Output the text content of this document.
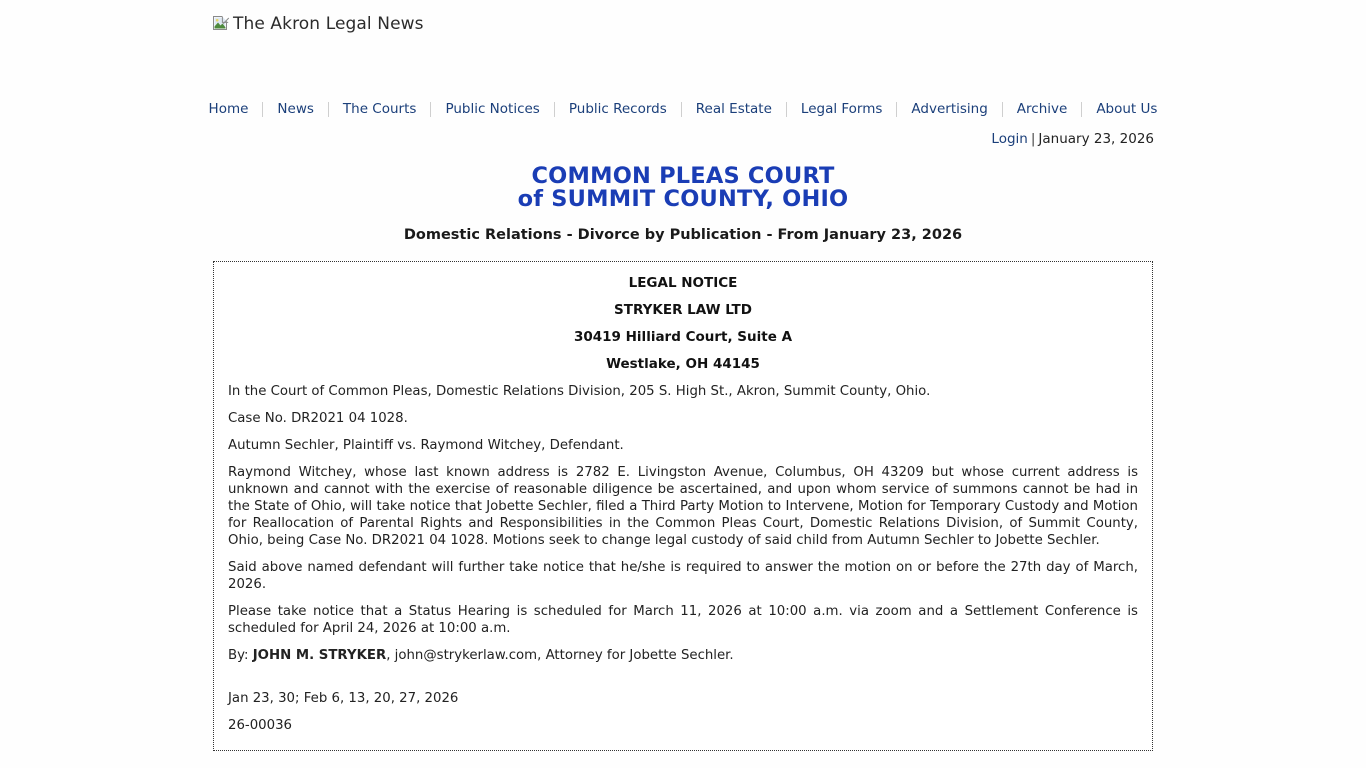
The Akron Legal News
Home News The Courts Public Notices Public Records Real Estate Legal Forms Advertising Archive About Us
Login | January 23, 2026
COMMON PLEAS COURT
of SUMMIT COUNTY, OHIO
Domestic Relations - Divorce by Publication - From January 23, 2026
LEGAL NOTICE
STRYKER LAW LTD
30419 Hilliard Court, Suite A
Westlake, OH 44145

In the Court of Common Pleas, Domestic Relations Division, 205 S. High St., Akron, Summit County, Ohio.

Case No. DR2021 04 1028.

Autumn Sechler, Plaintiff vs. Raymond Witchey, Defendant.

Raymond Witchey, whose last known address is 2782 E. Livingston Avenue, Columbus, OH 43209 but whose current address is unknown and cannot with the exercise of reasonable diligence be ascertained, and upon whom service of summons cannot be had in the State of Ohio, will take notice that Jobette Sechler, filed a Third Party Motion to Intervene, Motion for Temporary Custody and Motion for Reallocation of Parental Rights and Responsibilities in the Common Pleas Court, Domestic Relations Division, of Summit County, Ohio, being Case No. DR2021 04 1028. Motions seek to change legal custody of said child from Autumn Sechler to Jobette Sechler.

Said above named defendant will further take notice that he/she is required to answer the motion on or before the 27th day of March, 2026.

Please take notice that a Status Hearing is scheduled for March 11, 2026 at 10:00 a.m. via zoom and a Settlement Conference is scheduled for April 24, 2026 at 10:00 a.m.

By: JOHN M. STRYKER, john@strykerlaw.com, Attorney for Jobette Sechler.

Jan 23, 30; Feb 6, 13, 20, 27, 2026
26-00036
